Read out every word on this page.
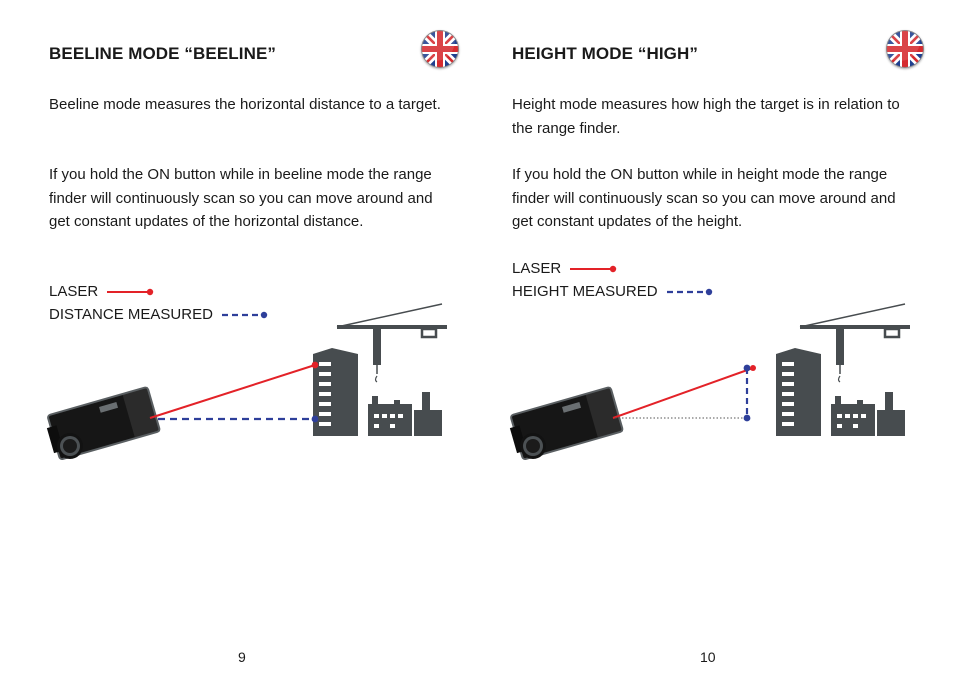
BEELINE MODE “BEELINE”

Beeline mode measures the horizontal distance to a target.

If you hold the ON button while in beeline mode the range finder will continuously scan so you can move around and get constant updates of the horizontal distance.

LASER
DISTANCE MEASURED
9
HEIGHT MODE “HIGH”

Height mode measures how high the target is in relation to the range finder.

If you hold the ON button while in height mode the range finder will continuously scan so you can move around and get constant updates of the height.

LASER
HEIGHT MEASURED
10
